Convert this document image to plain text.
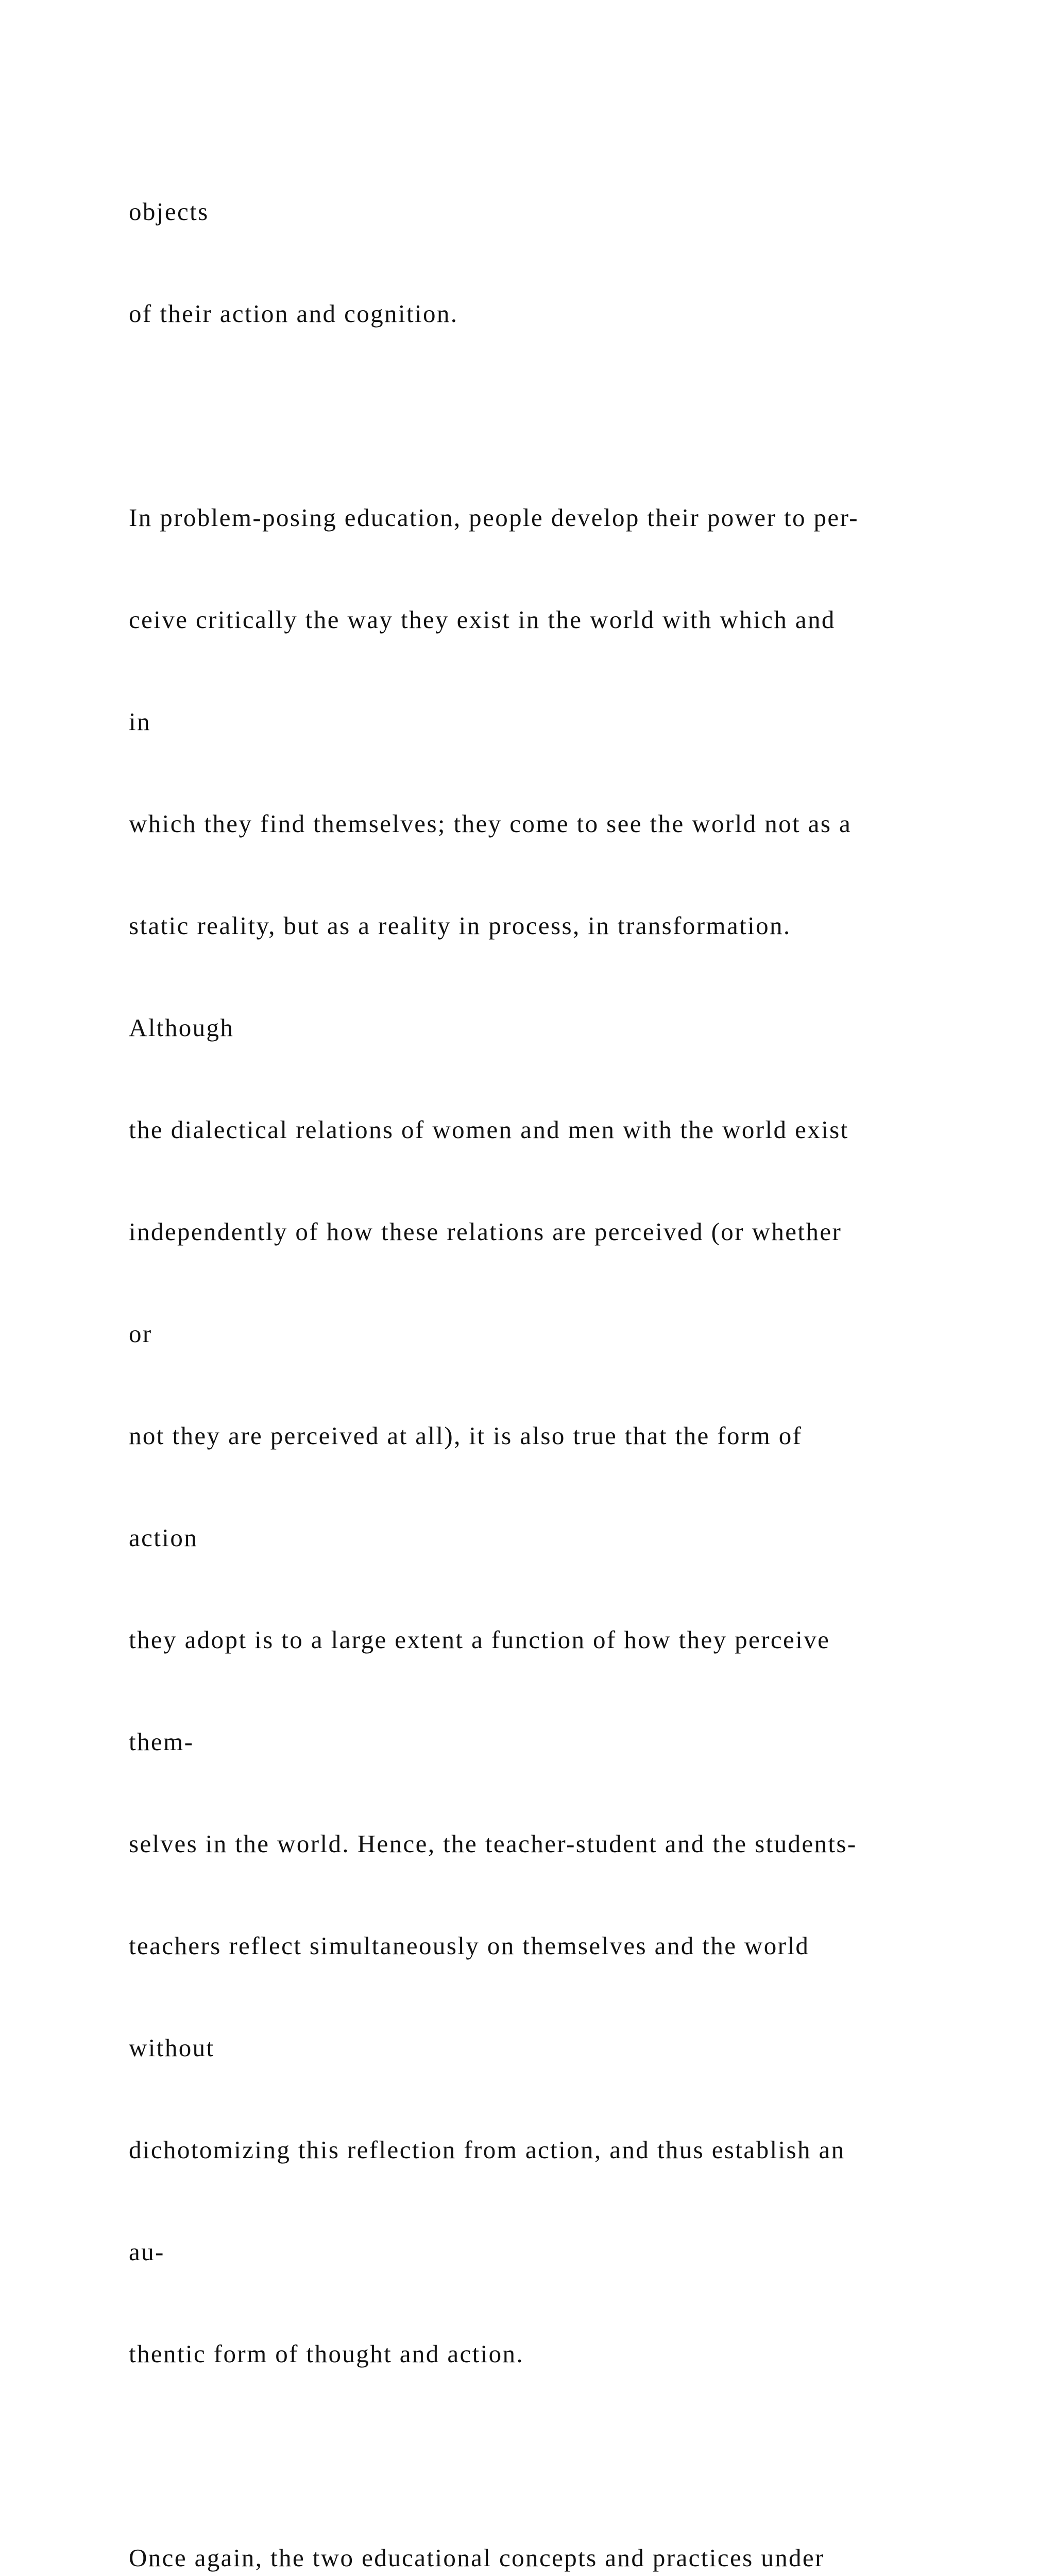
objects

of their action and cognition.

In problem-posing education, people develop their power to per-

ceive critically the way they exist in the world with which and

in

which they find themselves; they come to see the world not as a

static reality, but as a reality in process, in transformation.

Although

the dialectical relations of women and men with the world exist

independently of how these relations are perceived (or whether

or

not they are perceived at all), it is also true that the form of

action

they adopt is to a large extent a function of how they perceive

them-

selves in the world. Hence, the teacher-student and the students-

teachers reflect simultaneously on themselves and the world

without

dichotomizing this reflection from action, and thus establish an

au-

thentic form of thought and action.

Once again, the two educational concepts and practices under
